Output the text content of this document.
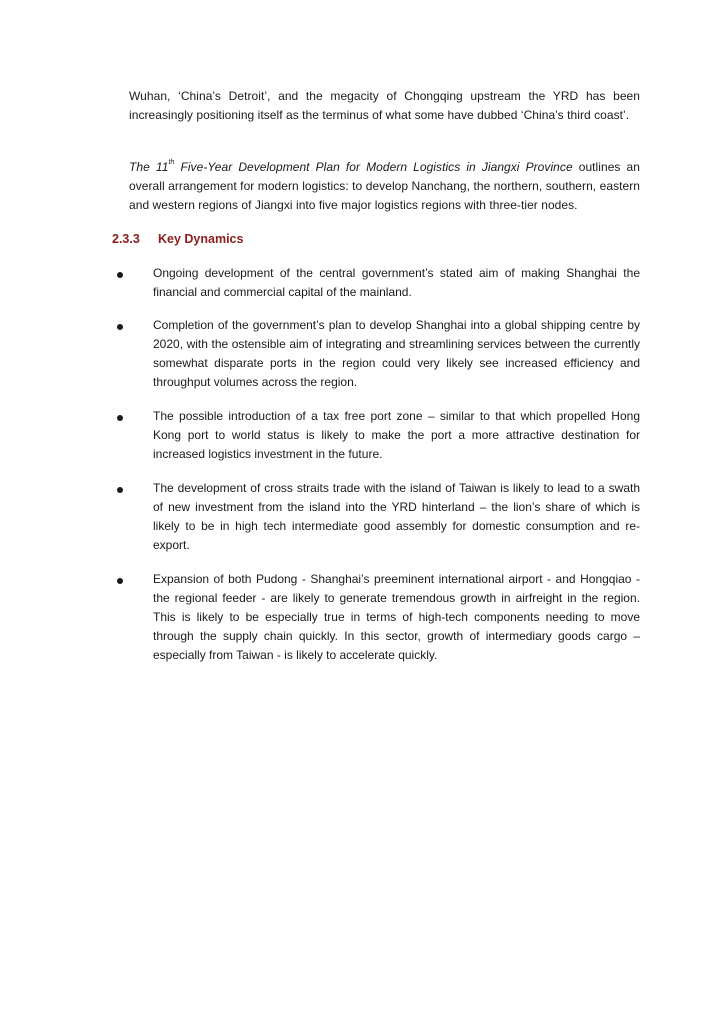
Wuhan, ‘China’s Detroit’, and the megacity of Chongqing upstream the YRD has been increasingly positioning itself as the terminus of what some have dubbed ‘China’s third coast’.

The 11th Five-Year Development Plan for Modern Logistics in Jiangxi Province outlines an overall arrangement for modern logistics: to develop Nanchang, the northern, southern, eastern and western regions of Jiangxi into five major logistics regions with three-tier nodes.

2.3.3 Key Dynamics

Ongoing development of the central government’s stated aim of making Shanghai the financial and commercial capital of the mainland.

Completion of the government’s plan to develop Shanghai into a global shipping centre by 2020, with the ostensible aim of integrating and streamlining services between the currently somewhat disparate ports in the region could very likely see increased efficiency and throughput volumes across the region.

The possible introduction of a tax free port zone – similar to that which propelled Hong Kong port to world status is likely to make the port a more attractive destination for increased logistics investment in the future.

The development of cross straits trade with the island of Taiwan is likely to lead to a swath of new investment from the island into the YRD hinterland – the lion’s share of which is likely to be in high tech intermediate good assembly for domestic consumption and re-export.

Expansion of both Pudong - Shanghai’s preeminent international airport - and Hongqiao - the regional feeder - are likely to generate tremendous growth in airfreight in the region. This is likely to be especially true in terms of high-tech components needing to move through the supply chain quickly. In this sector, growth of intermediary goods cargo – especially from Taiwan - is likely to accelerate quickly.
